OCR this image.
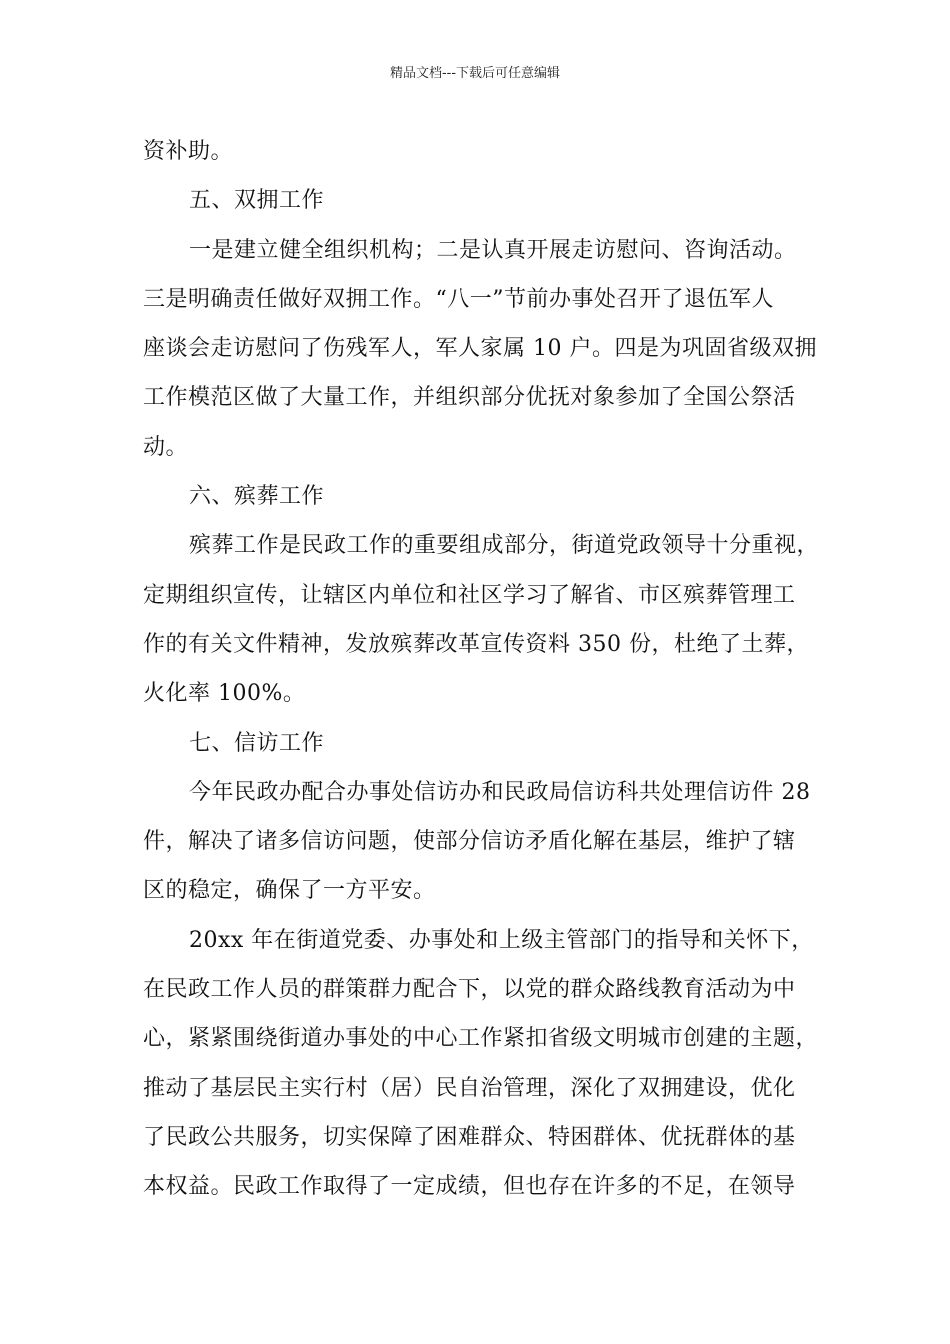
精品文档---下载后可任意编辑

资补助。

五、双拥工作

一是建立健全组织机构；二是认真开展走访慰问、咨询活动。

三是明确责任做好双拥工作。“八一”节前办事处召开了退伍军人

座谈会走访慰问了伤残军人，军人家属 10 户。四是为巩固省级双拥

工作模范区做了大量工作，并组织部分优抚对象参加了全国公祭活

动。

六、殡葬工作

殡葬工作是民政工作的重要组成部分，街道党政领导十分重视，

定期组织宣传，让辖区内单位和社区学习了解省、市区殡葬管理工

作的有关文件精神，发放殡葬改革宣传资料 350 份，杜绝了土葬，

火化率 100%。

七、信访工作

今年民政办配合办事处信访办和民政局信访科共处理信访件 28

件，解决了诸多信访问题，使部分信访矛盾化解在基层，维护了辖

区的稳定，确保了一方平安。

20xx 年在街道党委、办事处和上级主管部门的指导和关怀下，

在民政工作人员的群策群力配合下，以党的群众路线教育活动为中

心，紧紧围绕街道办事处的中心工作紧扣省级文明城市创建的主题，

推动了基层民主实行村（居）民自治管理，深化了双拥建设，优化

了民政公共服务，切实保障了困难群众、特困群体、优抚群体的基

本权益。民政工作取得了一定成绩，但也存在许多的不足，在领导
